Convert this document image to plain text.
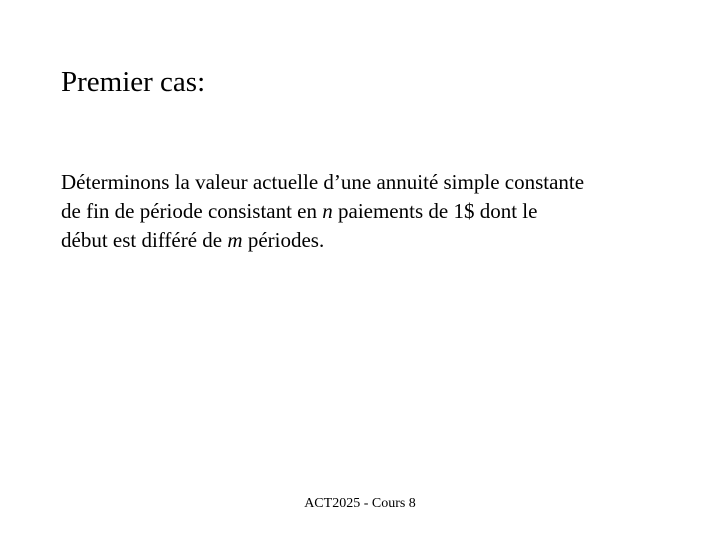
Premier cas:
Déterminons la valeur actuelle d’une annuité simple constante
de fin de période consistant en n paiements de 1$ dont le
début est différé de m périodes.
ACT2025 - Cours 8
